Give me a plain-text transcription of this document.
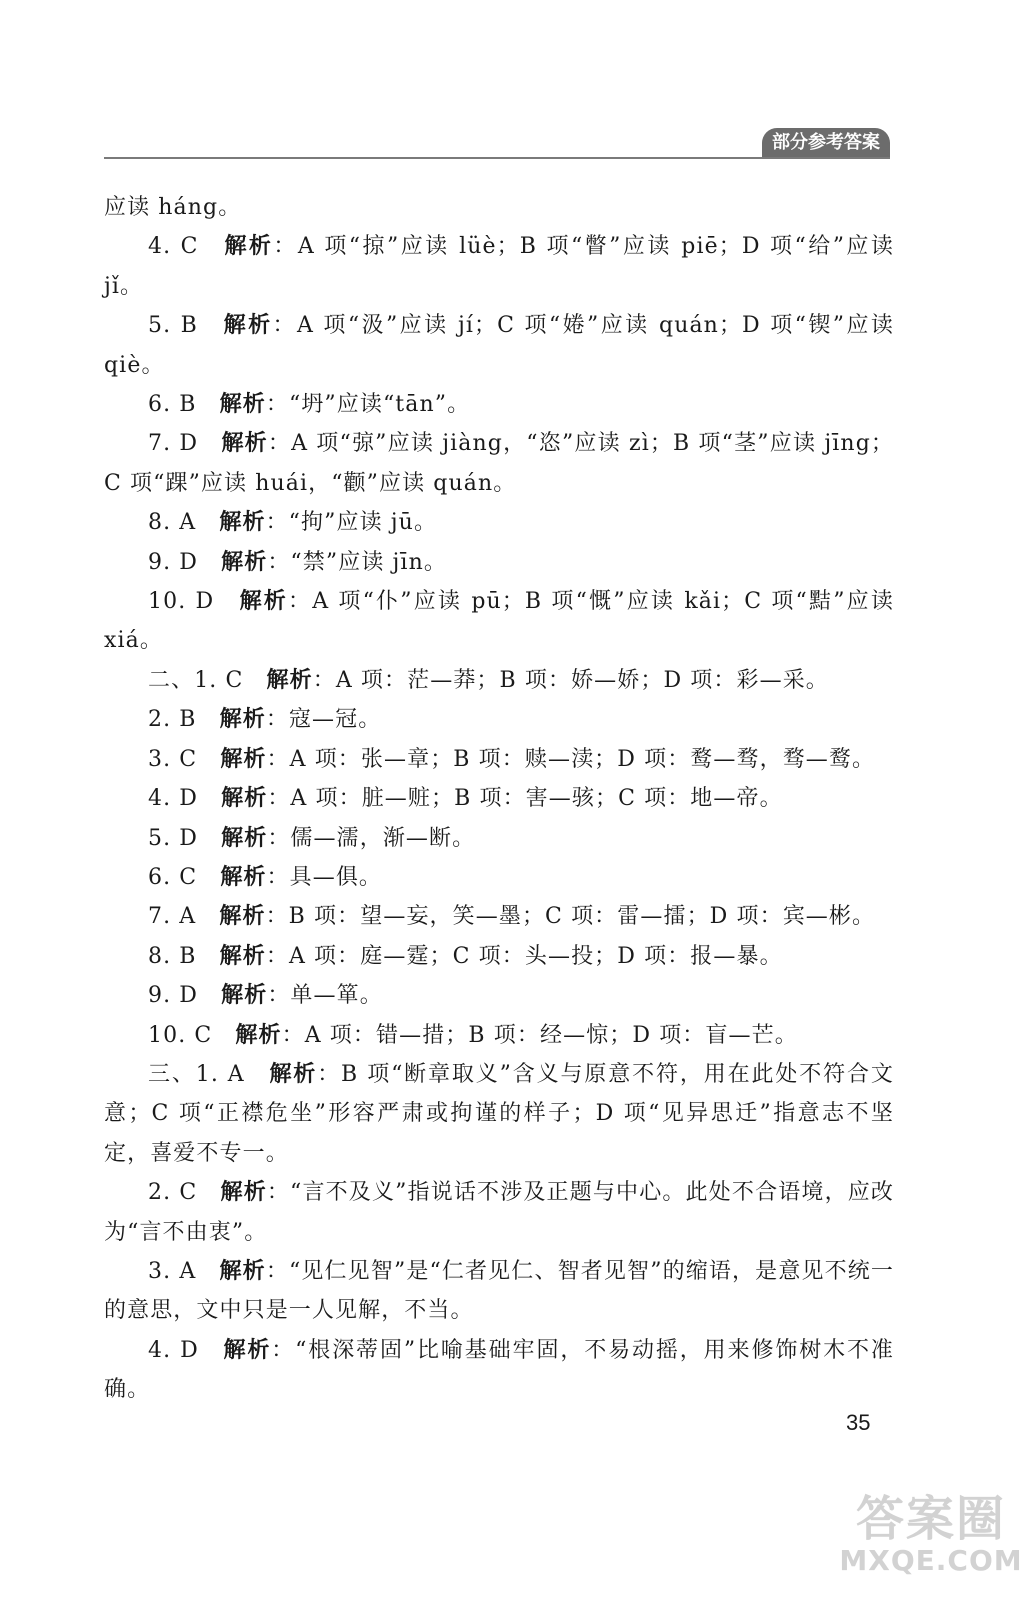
部分参考答案

应读 háng。

4. C　解析：A 项“掠”应读 lüè；B 项“瞥”应读 piē；D 项“给”应读 jǐ。

5. B　解析：A 项“汲”应读 jí；C 项“婘”应读 quán；D 项“锲”应读 qiè。

6. B　解析：“坍”应读“tān”。

7. D　解析：A 项“弶”应读 jiàng，“恣”应读 zì；B 项“茎”应读 jīng；C 项“踝”应读 huái，“颧”应读 quán。

8. A　解析：“拘”应读 jū。

9. D　解析：“禁”应读 jīn。

10. D　解析：A 项“仆”应读 pū；B 项“慨”应读 kǎi；C 项“黠”应读 xiá。

二、1. C　解析：A 项：茫—莽；B 项：娇—娇；D 项：彩—采。

2. B　解析：寇—冠。

3. C　解析：A 项：张—章；B 项：赎—渎；D 项：鹜—骛，骛—鹜。

4. D　解析：A 项：脏—赃；B 项：害—骇；C 项：地—帝。

5. D　解析：儒—濡，渐—断。

6. C　解析：具—俱。

7. A　解析：B 项：望—妄，笑—墨；C 项：雷—擂；D 项：宾—彬。

8. B　解析：A 项：庭—霆；C 项：头—投；D 项：报—暴。

9. D　解析：单—箪。

10. C　解析：A 项：错—措；B 项：经—惊；D 项：盲—芒。

三、1. A　解析：B 项“断章取义”含义与原意不符，用在此处不符合文意；C 项“正襟危坐”形容严肃或拘谨的样子；D 项“见异思迁”指意志不坚定，喜爱不专一。

2. C　解析：“言不及义”指说话不涉及正题与中心。此处不合语境，应改为“言不由衷”。

3. A　解析：“见仁见智”是“仁者见仁、智者见智”的缩语，是意见不统一的意思，文中只是一人见解，不当。

4. D　解析：“根深蒂固”比喻基础牢固，不易动摇，用来修饰树木不准确。

35
答案圈
MXQE.COM
